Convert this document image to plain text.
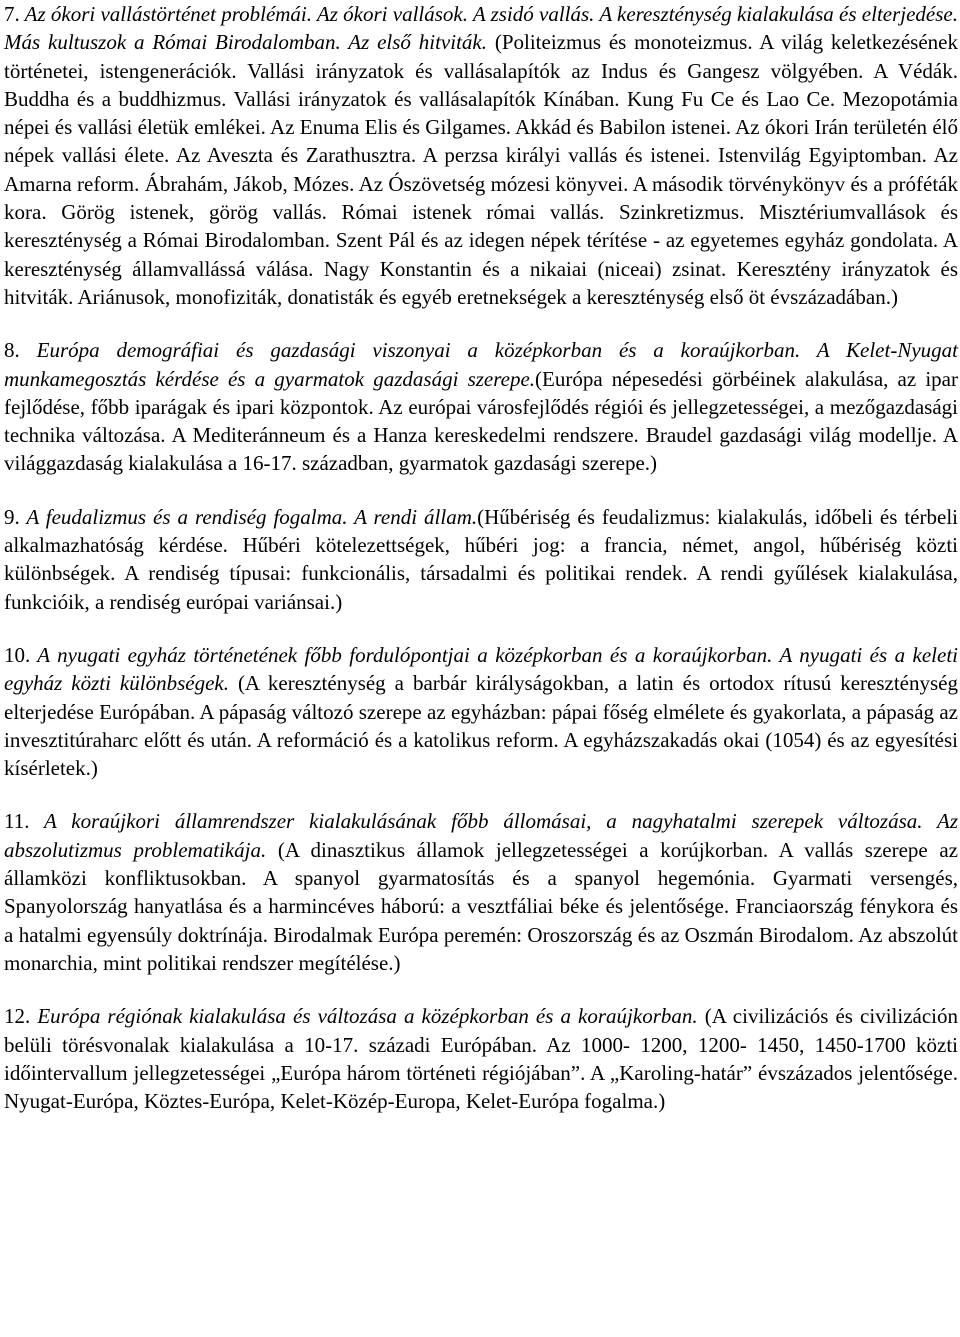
7. Az ókori vallástörténet problémái. Az ókori vallások. A zsidó vallás. A kereszténység kialakulása és elterjedése. Más kultuszok a Római Birodalomban. Az első hitviták. (Politeizmus és monoteizmus. A világ keletkezésének történetei, istengenerációk. Vallási irányzatok és vallásalapítók az Indus és Gangesz völgyében. A Védák. Buddha és a buddhizmus. Vallási irányzatok és vallásalapítók Kínában. Kung Fu Ce és Lao Ce. Mezopotámia népei és vallási életük emlékei. Az Enuma Elis és Gilgames. Akkád és Babilon istenei. Az ókori Irán területén élő népek vallási élete. Az Aveszta és Zarathusztra. A perzsa királyi vallás és istenei. Istenvilág Egyiptomban. Az Amarna reform. Ábrahám, Jákob, Mózes. Az Ószövetség mózesi könyvei. A második törvénykönyv és a próféták kora. Görög istenek, görög vallás. Római istenek római vallás. Szinkretizmus. Misztériumvallások és kereszténység a Római Birodalomban. Szent Pál és az idegen népek térítése - az egyetemes egyház gondolata. A kereszténység államvallássá válása. Nagy Konstantin és a nikaiai (niceai) zsinat. Keresztény irányzatok és hitviták. Ariánusok, monofiziták, donatisták és egyéb eretnekségek a kereszténység első öt évszázadában.)

8. Európa demográfiai és gazdasági viszonyai a középkorban és a koraújkorban. A Kelet-Nyugat munkamegosztás kérdése és a gyarmatok gazdasági szerepe.(Európa népesedési görbéinek alakulása, az ipar fejlődése, főbb iparágak és ipari központok. Az európai városfejlődés régiói és jellegzetességei, a mezőgazdasági technika változása. A Mediteránneum és a Hanza kereskedelmi rendszere. Braudel gazdasági világ modellje. A világgazdaság kialakulása a 16-17. században, gyarmatok gazdasági szerepe.)

9. A feudalizmus és a rendiség fogalma. A rendi állam.(Hűbériség és feudalizmus: kialakulás, időbeli és térbeli alkalmazhatóság kérdése. Hűbéri kötelezettségek, hűbéri jog: a francia, német, angol, hűbériség közti különbségek. A rendiség típusai: funkcionális, társadalmi és politikai rendek. A rendi gyűlések kialakulása, funkcióik, a rendiség európai variánsai.)

10. A nyugati egyház történetének főbb fordulópontjai a középkorban és a koraújkorban. A nyugati és a keleti egyház közti különbségek. (A kereszténység a barbár királyságokban, a latin és ortodox rítusú kereszténység elterjedése Európában. A pápaság változó szerepe az egyházban: pápai főség elmélete és gyakorlata, a pápaság az invesztitúraharc előtt és után. A reformáció és a katolikus reform. A egyházszakadás okai (1054) és az egyesítési kísérletek.)

11. A koraújkori államrendszer kialakulásának főbb állomásai, a nagyhatalmi szerepek változása. Az abszolutizmus problematikája. (A dinasztikus államok jellegzetességei a korújkorban. A vallás szerepe az államközi konfliktusokban. A spanyol gyarmatosítás és a spanyol hegemónia. Gyarmati versengés, Spanyolország hanyatlása és a harmincéves háború: a vesztfáliai béke és jelentősége. Franciaország fénykora és a hatalmi egyensúly doktrínája. Birodalmak Európa peremén: Oroszország és az Oszmán Birodalom. Az abszolút monarchia, mint politikai rendszer megítélése.)

12. Európa régiónak kialakulása és változása a középkorban és a koraújkorban. (A civilizációs és civilizáción belüli törésvonalak kialakulása a 10-17. századi Európában. Az 1000- 1200, 1200- 1450, 1450-1700 közti időintervallum jellegzetességei „Európa három történeti régiójában”. A „Karoling-határ” évszázados jelentősége. Nyugat-Európa, Köztes-Európa, Kelet-Közép-Europa, Kelet-Európa fogalma.)
